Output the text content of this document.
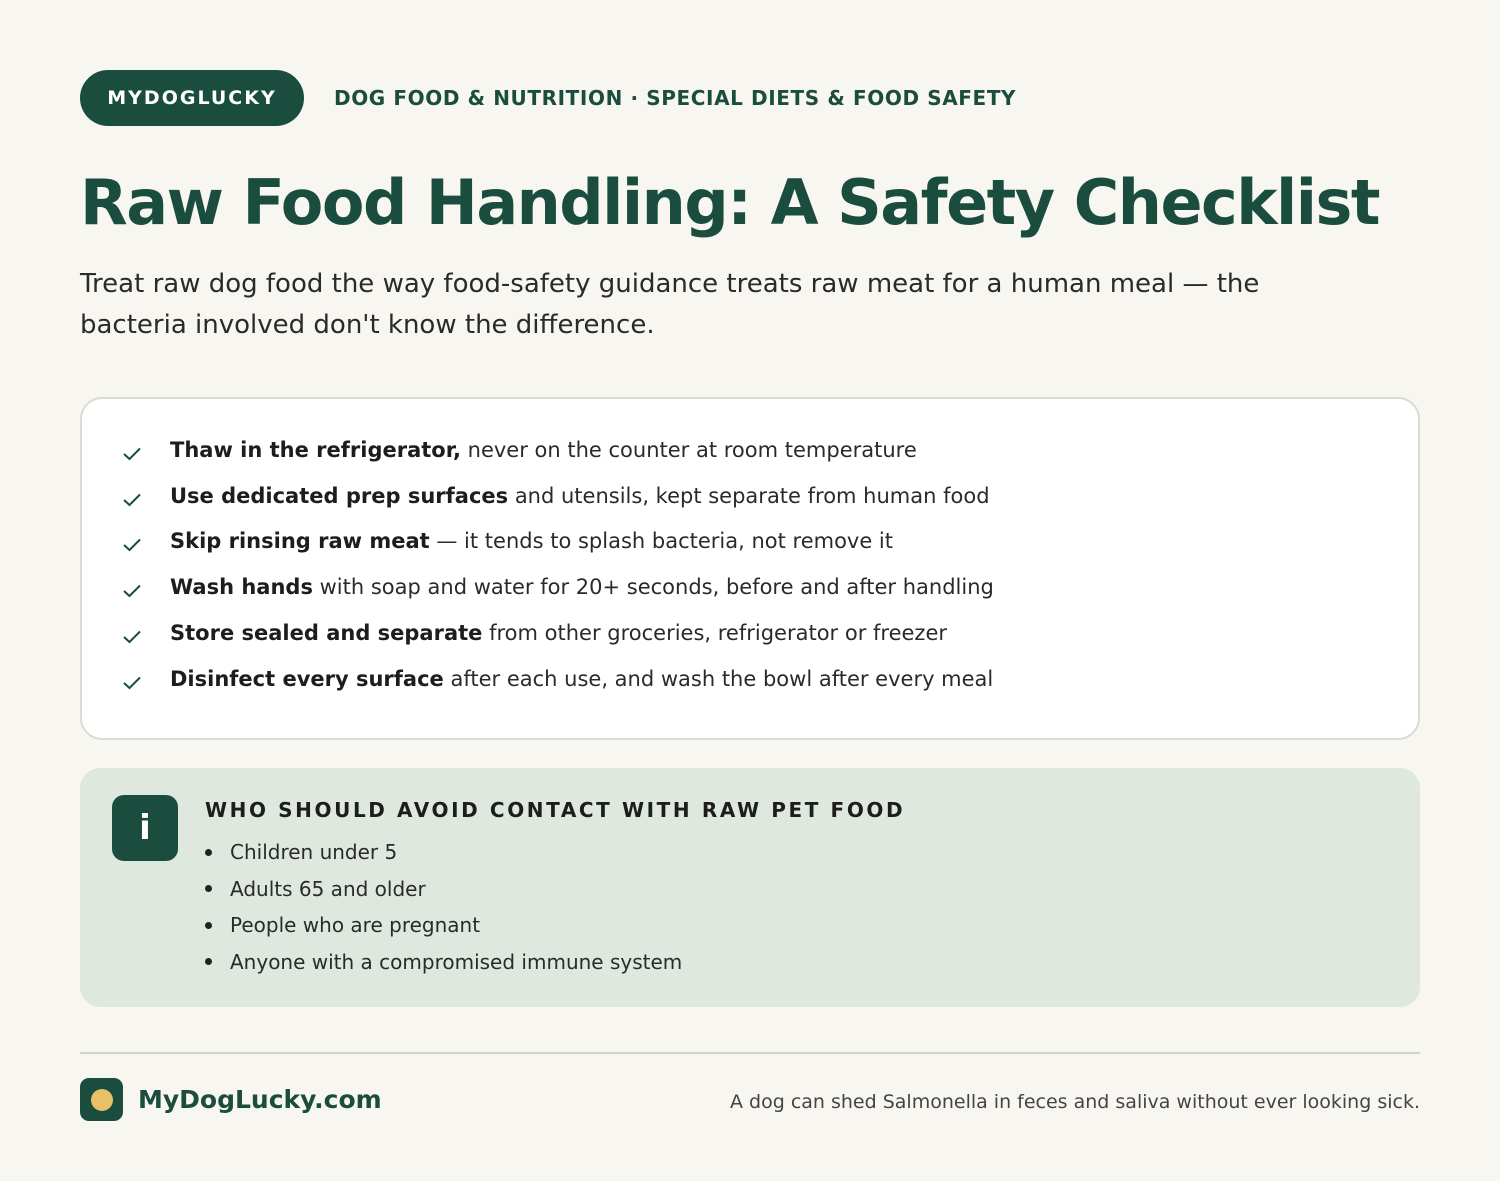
MYDOGLUCKY	DOG FOOD & NUTRITION · SPECIAL DIETS & FOOD SAFETY
Raw Food Handling: A Safety Checklist

Treat raw dog food the way food-safety guidance treats raw meat for a human meal — the bacteria involved don't know the difference.

Thaw in the refrigerator, never on the counter at room temperature
Use dedicated prep surfaces and utensils, kept separate from human food
Skip rinsing raw meat — it tends to splash bacteria, not remove it
Wash hands with soap and water for 20+ seconds, before and after handling
Store sealed and separate from other groceries, refrigerator or freezer
Disinfect every surface after each use, and wash the bowl after every meal
i	WHO SHOULD AVOID CONTACT WITH RAW PET FOOD
Children under 5
Adults 65 and older
People who are pregnant
Anyone with a compromised immune system
MyDogLucky.com	A dog can shed Salmonella in feces and saliva without ever looking sick.
